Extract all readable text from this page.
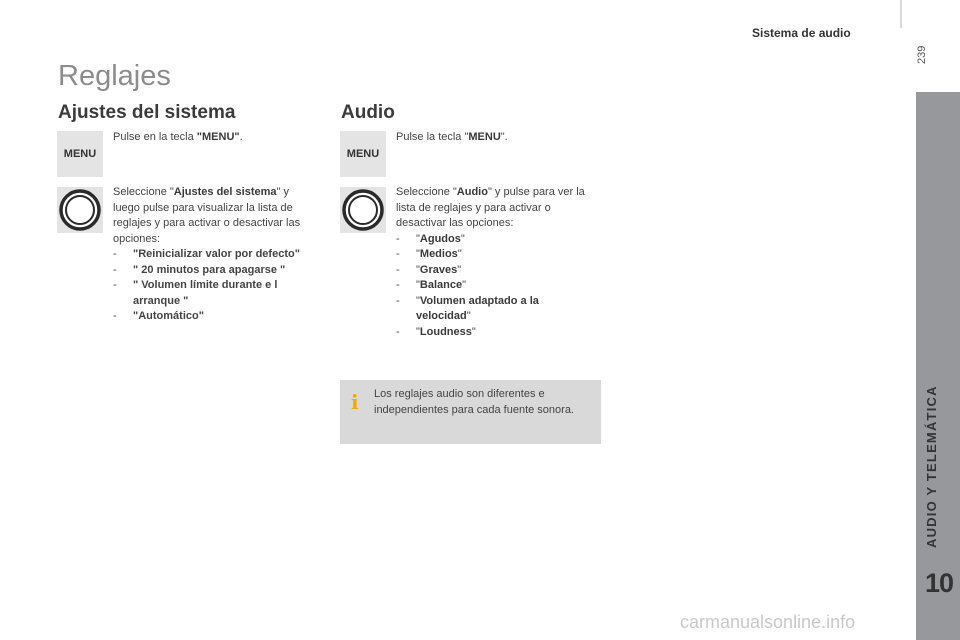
Sistema de audio
239
AUDIO Y TELEMÁTICA
10
Reglajes
Ajustes del sistema
MENU
Pulse en la tecla "MENU".
Seleccione "Ajustes del sistema" y luego pulse para visualizar la lista de reglajes y para activar o desactivar las opciones:
-	"Reinicializar valor por defecto"
-	" 20 minutos para apagarse "
-	" Volumen límite durante e l arranque "
-	"Automático"
Audio
MENU
Pulse la tecla "MENU".
Seleccione "Audio" y pulse para ver la lista de reglajes y para activar o desactivar las opciones:
-	"Agudos"
-	"Medios"
-	"Graves"
-	"Balance"
-	"Volumen adaptado a la velocidad"
-	"Loudness"
i Los reglajes audio son diferentes e independientes para cada fuente sonora.
carmanualsonline.info
